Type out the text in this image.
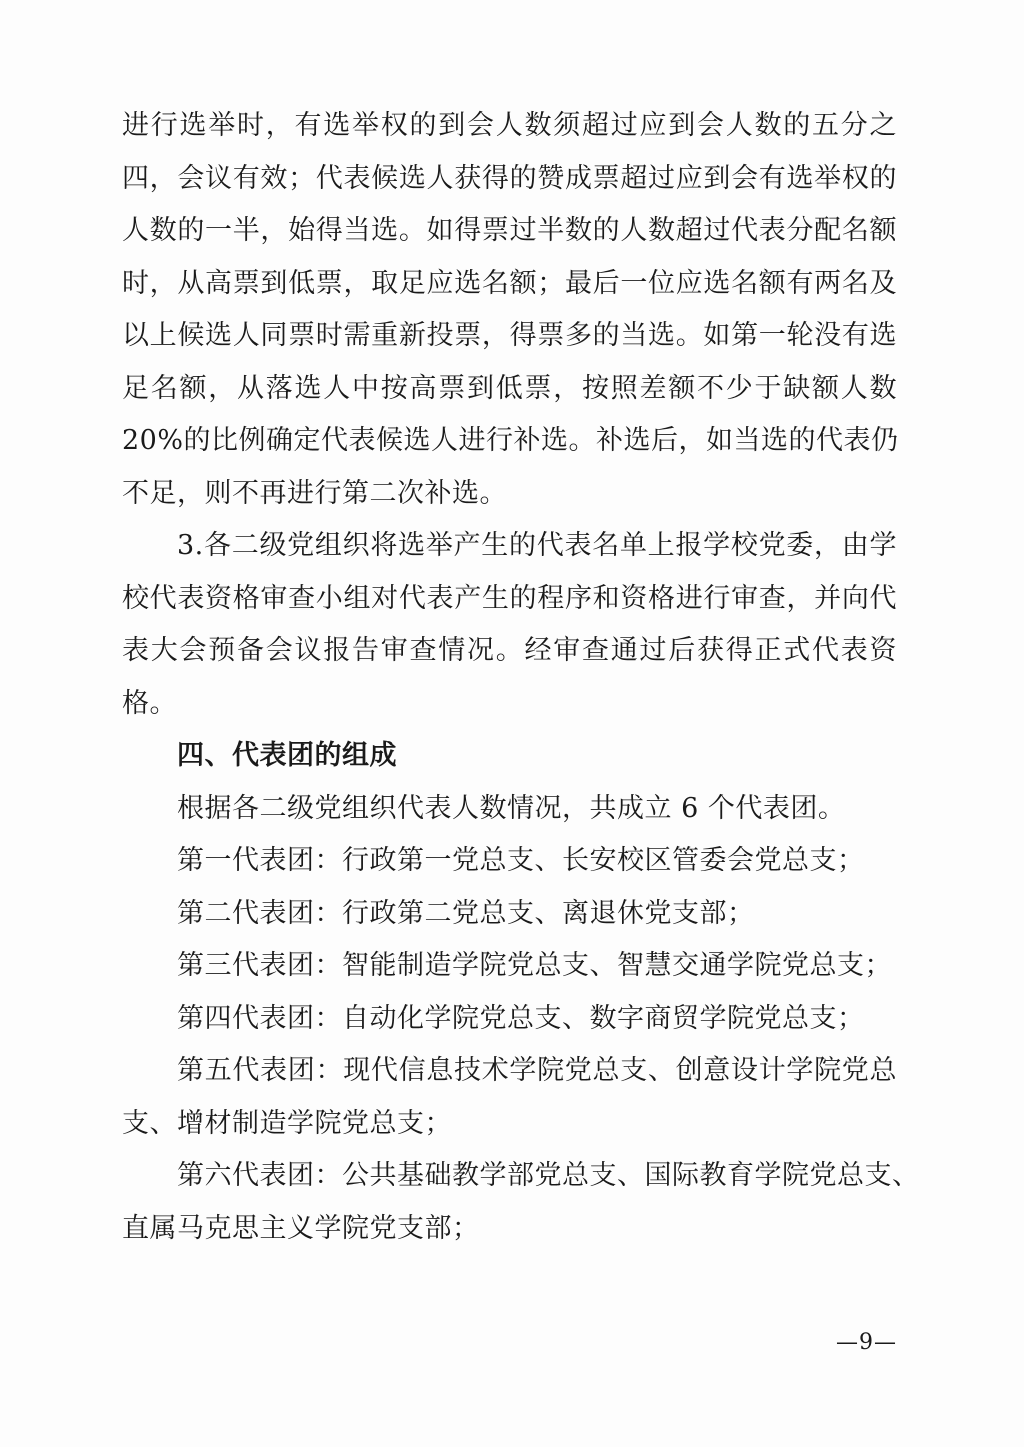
进行选举时，有选举权的到会人数须超过应到会人数的五分之
四，会议有效；代表候选人获得的赞成票超过应到会有选举权的
人数的一半，始得当选。如得票过半数的人数超过代表分配名额
时，从高票到低票，取足应选名额；最后一位应选名额有两名及
以上候选人同票时需重新投票，得票多的当选。如第一轮没有选
足名额，从落选人中按高票到低票，按照差额不少于缺额人数
20%的比例确定代表候选人进行补选。补选后，如当选的代表仍
不足，则不再进行第二次补选。
3.各二级党组织将选举产生的代表名单上报学校党委，由学
校代表资格审查小组对代表产生的程序和资格进行审查，并向代
表大会预备会议报告审查情况。经审查通过后获得正式代表资
格。
四、代表团的组成
根据各二级党组织代表人数情况，共成立 6 个代表团。
第一代表团：行政第一党总支、长安校区管委会党总支；
第二代表团：行政第二党总支、离退休党支部；
第三代表团：智能制造学院党总支、智慧交通学院党总支；
第四代表团：自动化学院党总支、数字商贸学院党总支；
第五代表团：现代信息技术学院党总支、创意设计学院党总
支、增材制造学院党总支；
第六代表团：公共基础教学部党总支、国际教育学院党总支、
直属马克思主义学院党支部；
—9—
